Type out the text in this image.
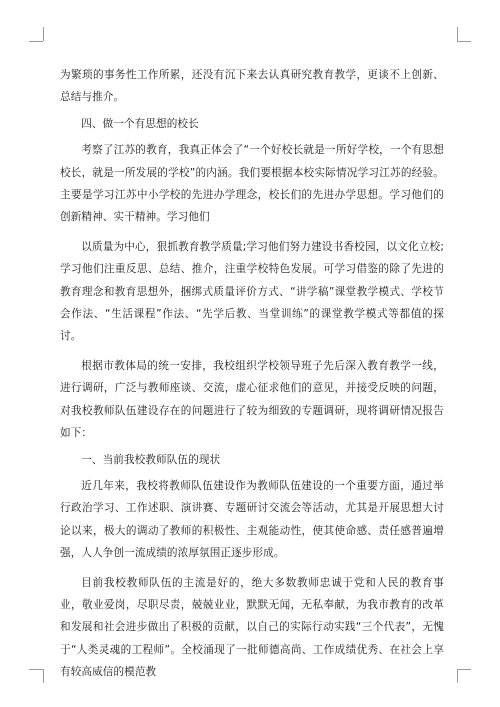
为繁琐的事务性工作所累，还没有沉下来去认真研究教育教学，更谈不上创新、总结与推介。

四、做一个有思想的校长

考察了江苏的教育，我真正体会了“一个好校长就是一所好学校，一个有思想校长，就是一所发展的学校”的内涵。我们要根据本校实际情况学习江苏的经验。主要是学习江苏中小学校的先进办学理念，校长们的先进办学思想。学习他们的创新精神、实干精神。学习他们

以质量为中心，狠抓教育教学质量;学习他们努力建设书香校园，以文化立校;学习他们注重反思、总结、推介，注重学校特色发展。可学习借鉴的除了先进的教育理念和教育思想外，捆绑式质量评价方式、“讲学稿”课堂教学模式、学校节会作法、“生活课程”作法、“先学后教、当堂训练”的课堂教学模式等都值的探讨。

根据市教体局的统一安排，我校组织学校领导班子先后深入教育教学一线，进行调研，广泛与教师座谈、交流，虚心征求他们的意见，并接受反映的问题，对我校教师队伍建设存在的问题进行了较为细致的专题调研，现将调研情况报告如下：

一、当前我校教师队伍的现状

近几年来，我校将教师队伍建设作为教师队伍建设的一个重要方面，通过举行政治学习、工作述职、演讲赛、专题研讨交流会等活动，尤其是开展思想大讨论以来，极大的调动了教师的积极性、主观能动性，使其使命感、责任感普遍增强，人人争创一流成绩的浓厚氛围正逐步形成。

目前我校教师队伍的主流是好的，绝大多数教师忠诚于党和人民的教育事业，敬业爱岗，尽职尽责，兢兢业业，默默无闻，无私奉献，为我市教育的改革和发展和社会进步做出了积极的贡献，以自己的实际行动实践“三个代表”，无愧于“人类灵魂的工程师”。全校涌现了一批师德高尚、工作成绩优秀、在社会上享有较高威信的模范教
